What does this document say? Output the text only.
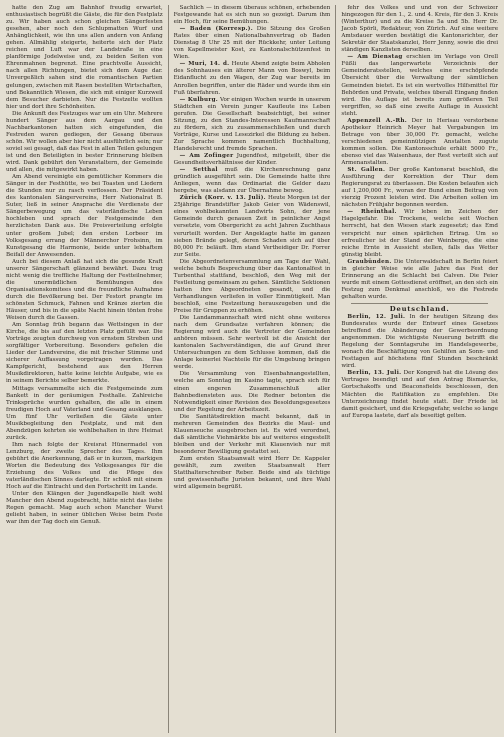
hatte den Zug am Bahnhof freudig erwartet, enthusiastisch begrüßt die Gäste, die für den Festplatz zu. Wir haben auch schon gleichen Sängerfesten gesehen, aber noch den Schlupmatten Wurf und Anhänglichkeit, wie ihn uns allen andern von Anfang gehen. Allmählig steigerte, heiterte sich der Platz reichen und Luft war der Landstraße in eine planförmige Jodelweise und, zu beiden Seiten von Ehrenmahnen begrenzt. Eine prachtvolle Aussicht, nach allen Richtungen, bietet sich dem Auge dar. Unvergeßlich sahen sind die romantischen Partien gelungen, zwischen mit Rasen bestellten Wirtschaften, und Bekanntlich Wiesen, die sich mit einiger Kurzweil dem Besucher darbieten. Nur die Festzelte wollten hier und dort ihre Schönheiten.

Die Ankunft des Festzuges war um ein Uhr. Mehrere hundert Sänger aus dem Aargau und den Nachbarkantonen hatten sich eingefunden, die Festreden waren gediegen, der Gesang überaus schön. Wir wollen aber hier nicht ausführlich sein; nur soviel sei gesagt, daß das Fest in allen Teilen gelungen ist und den Beteiligten in bester Erinnerung bleiben wird. Dank gebührt den Veranstaltern, der Gemeinde und allen, die mitgewirkt haben.

Am Abend vereinigte ein gemütlicher Kommers die Sänger in der Festhütte, wo bei Toasten und Liedern die Stunden nur zu rasch verflossen. Der Präsident des kantonalen Sängervereins, Herr Nationalrat B. Suter, ließ in seiner Ansprache die Verdienste der Sängerbewegung um das vaterländische Leben hochleben und sprach der Festgemeinde den herzlichsten Dank aus. Die Preisverteilung erfolgte unter großem Jubel; den ersten Lorbeer im Volksgesang errang der Männerchor Frohsinn, im Kunstgesang die Harmonie, beide unter lebhaftem Beifall der Anwesenden.

Auch bei diesem Anlaß hat sich die gesunde Kraft unserer Sängerschaft glänzend bewährt. Dazu trug nicht wenig die treffliche Haltung der Festteilnehmer, die unermüdlichen Bemühungen des Organisationskomitees und die freundliche Aufnahme durch die Bevölkerung bei. Der Festort prangte im schönsten Schmuck, Fahnen und Kränze zierten die Häuser, und bis in die späte Nacht hinein tönten frohe Weisen durch die Gassen.

Am Sonntag früh begann das Wettsingen in der Kirche, die bis auf den letzten Platz gefüllt war. Die Vorträge zeugten durchweg von ernstem Streben und sorgfältiger Vorbereitung. Besonders gefielen die Lieder der Landvereine, die mit frischer Stimme und sicherer Auffassung vorgetragen wurden. Das Kampfgericht, bestehend aus den Herren Musikdirektoren, hatte keine leichte Aufgabe, wie es in seinem Berichte selber bemerkte.

Mittags versammelte sich die Festgemeinde zum Bankett in der geräumigen Festhalle. Zahlreiche Trinksprüche wurden gehalten, die alle in einem freudigen Hoch auf Vaterland und Gesang ausklangen. Um fünf Uhr verließen die Gäste unter Musikbegleitung den Festplatz, und mit den Abendzügen kehrten sie wohlbehalten in ihre Heimat zurück.

Ihm nach folgte der Kreisrat Hünermadel von Lenzburg, der zweite Sprecher des Tages. Ihm gebührt die Anerkennung, daß er in kurzen, markigen Worten die Bedeutung des Volksgesanges für die Erziehung des Volkes und die Pflege des vaterländischen Sinnes darlegte. Er schloß mit einem Hoch auf die Eintracht und den Fortschritt im Lande.

Unter den Klängen der Jugendkapelle hielt wohl Mancher den Abend zugebracht, hätte nicht das liebe Regen gemacht. Mag auch schon Mancher Wurst geliebt haben, in seiner üblichen Weise beim Feste war ihm der Tag doch ein Genuß.

Sachlich — in diesem überaus schönen, erhebenden Festgewande hat es sich nun so gezeigt. Darum ihm ein Hoch, für seine Bemühungen.

— Baden (Korresp.). Die Sitzung des Großen Rates über einen Nationalbahnvertrag ob Baden Dienstag 8 Uhr 25 mit der Rückkehr, unter Leitung von Kapellmeister Kost, zu Kantonalschützenfest in Wien.

— Muri, 14. d. Heute Abend zeigte beim Abholen des Sohnhauses ein älterer Mann von Boswyl, beim Eidanflucht zu den Wagen, der Zug war bereits im Anrollen begriffen, unter die Räder und wurde ihm ein Fuß überfahren.

— Kulburg. Vor einigen Wochen wurde in unserem Städtchen ein Verein junger Kaufleute ins Leben gerufen. Die Gesellschaft beabsichtigt, bei seiner Sitzung, zu den Standes-Interessen Kaufmannschaft zu fördern, sich zu zusammenschließen und durch Vorträge, Kurse und Lesezirkel die Bildung zu heben. Zur Sprache kommen namentlich Buchhaltung, Handelsrecht und fremde Sprachen.

— Am Zofinger Jugendfest, mitgeteilt, über die Gesundheitsverhältnisse der Kinder.

— Setthal muß die Kirchenrechnung ganz gründlich ausgeführt sein. Die Gemeinde hatte ihre Anliegen, wenn das Ordinariat die Gelder dazu hergebe, was alsdann zur Übernahme bewog.

Zürich (Korr. v. 13. Juli). Heute Morgen ist der 25jährige Brandstifter Jakob Geier von Wädenswil, eines wohlbekannten Landwirts Sohn, der jene Gemeinde durch genauen Zeit in peinlicher Angst versetzte, vom Obergericht zu acht Jahren Zuchthaus verurteilt worden. Der Angeklagte hatte im ganzen sieben Brände gelegt, deren Schaden sich auf über 80,000 Fr. beläuft. Ihm stand Vertheidiger Dr. Forrer zur Seite.

Die Abgeordnetenversammlung am Tage der Wahl, welche behufs Besprechung über das Kantonalfest in Turbenthal stattfand, beschloß, den Weg mit der Festleitung gemeinsam zu gehen. Sämtliche Sektionen hatten ihre Abgeordneten gesandt, und die Verhandlungen verliefen in voller Einmütigkeit. Man beschloß, eine Festzeitung herauszugeben und die Preise für Gruppen zu erhöhen.

Die Landammannschaft wird nicht ohne weiteres nach dem Grundsatze verfahren können; die Regierung wird auch die Vertreter der Gemeinden anhören müssen. Sehr wertvoll ist die Ansicht der kantonalen Sachverständigen, die auf Grund ihrer Untersuchungen zu dem Schlusse kommen, daß die Anlage keinerlei Nachteile für die Umgebung bringen werde.

Die Versammlung von Eisenbahnangestellten, welche am Sonntag im Kasino tagte, sprach sich für einen engeren Zusammenschluß aller Bahnbediensteten aus. Die Redner betonten die Notwendigkeit einer Revision des Besoldungsgesetzes und der Regelung der Arbeitszeit.

Die Sanitätsdirektion macht bekannt, daß in mehreren Gemeinden des Bezirks die Maul- und Klauenseuche ausgebrochen ist. Es wird verordnet, daß sämtliche Viehmärkte bis auf weiteres eingestellt bleiben und der Verkehr mit Klauenvieh nur mit besonderer Bewilligung gestattet sei.

Zum ersten Staatsanwalt wird Herr Dr. Kappeler gewählt, zum zweiten Staatsanwalt Herr Statthalterschreiber Reber. Beide sind als tüchtige und gewissenhafte Juristen bekannt, und ihre Wahl wird allgemein begrüßt.

fehr des Volkes und und von der Schweizer hingezogen für den 1., 2. und 4. Kreis, für den 3. Kreis (Winterthur) und zu die Kreise 5a und 5b. Herr Dr. Jacob Spörli, Redakteur, von Zürich. Auf eine weitere Amtsdauer werden bestätigt die Kantonsrichter, der Sekretär der Staatskanzlei, Herr Jenny, sowie die drei ständigen Kanzlisten derselben.

— Am Dienstag erschien im Verlage von Orell Füßli das langerwartete Verzeichnis der Gemeinderatsstellen, welches eine erschöpfende Übersicht über die Verwaltung der sämtlichen Gemeinden bietet. Es ist ein wertvolles Hilfsmittel für Behörden und Private, welches überall Eingang finden wird. Die Auflage ist bereits zum größeren Teil vergriffen, so daß eine zweite Auflage in Aussicht steht.

Appenzell A.-Rh. Der in Herisau verstorbene Apotheker Heinrich Meyer hat Vergabungen im Betrage von über 30,000 Fr. gemacht, welche verschiedenen gemeinnützigen Anstalten zugute kommen sollen. Die Kantonsschule erhält 5000 Fr., ebenso viel das Waisenhaus, der Rest verteilt sich auf Armenanstalten.

St. Gallen. Der große Kantonsrat beschloß, die Ausführung der Korrektion der Thur dem Regierungsrat zu überlassen. Die Kosten belaufen sich auf 1,200,000 Fr., woran der Bund einen Beitrag von vierzig Prozent leisten wird. Die Arbeiten sollen im nächsten Frühjahr begonnen werden.

— Rheinthal. Wir leben im Zeichen der Hagelgefahr. Die Trockene, welche seit Wochen herrscht, hat den Wiesen stark zugesetzt; das Emd verspricht nur einen spärlichen Ertrag. Um so erfreulicher ist der Stand der Weinberge, die eine reiche Ernte in Aussicht stellen, falls das Wetter günstig bleibt.

Graubünden. Die Unterwaldschaft in Berlin feiert in gleicher Weise wie alle Jahre das Fest der Erinnerung an die Schlacht bei Calven. Die Feier wurde mit einem Gottesdienst eröffnet, an den sich ein Festzug zum Denkmal anschloß, wo die Festrede gehalten wurde.

Deutschland.

Berlin, 12. Juli. In der heutigen Sitzung des Bundesrates wurde der Entwurf eines Gesetzes betreffend die Abänderung der Gewerbeordnung angenommen. Die wichtigste Neuerung betrifft die Regelung der Sonntagsruhe im Handelsgewerbe, wonach die Beschäftigung von Gehilfen an Sonn- und Festtagen auf höchstens fünf Stunden beschränkt wird.

Berlin, 13. Juli. Der Kongreß hat die Lösung des Vertrages beendigt und auf den Antrag Bismarcks, Gortschakoffs und Beaconsfields beschlossen, den Mächten die Ratifikation zu empfehlen. Die Unterzeichnung findet heute statt. Der Friede ist damit gesichert, und die Kriegsgefahr, welche so lange auf Europa lastete, darf als beseitigt gelten.
